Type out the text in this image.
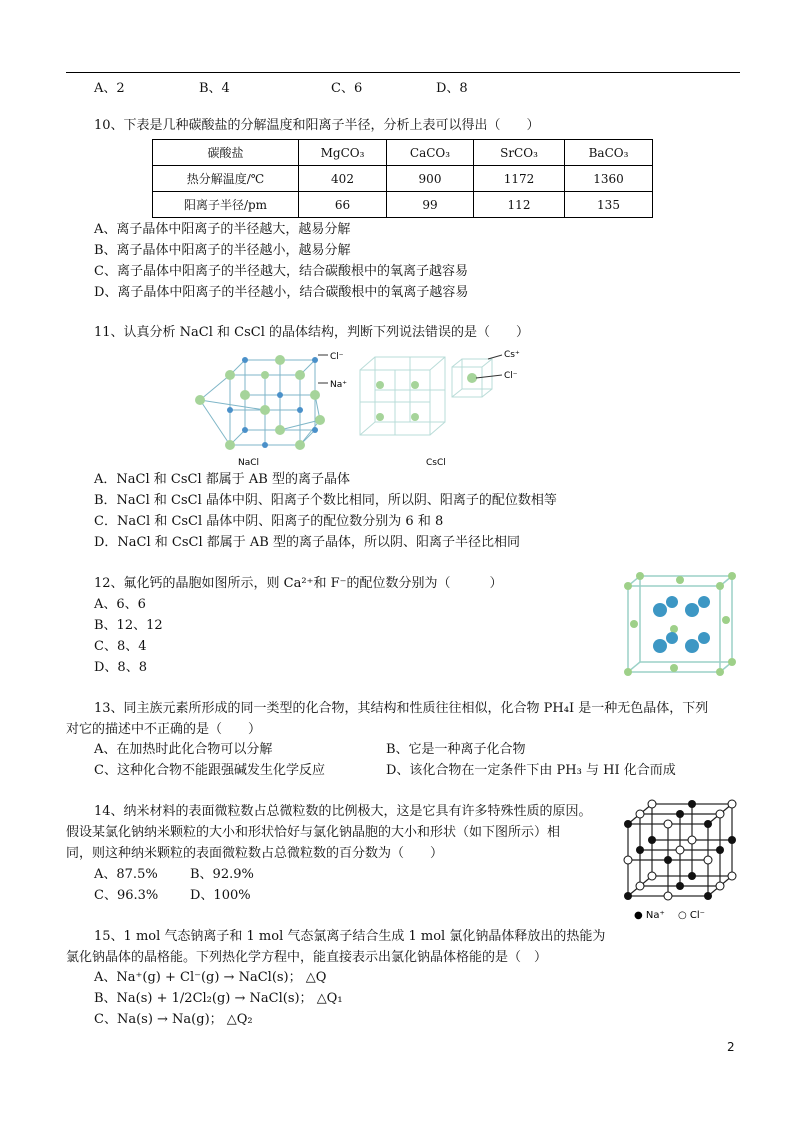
A、2	B、4	C、6	D、8
10、下表是几种碳酸盐的分解温度和阳离子半径，分析上表可以得出（　　）
碳酸盐	MgCO₃	CaCO₃	SrCO₃	BaCO₃
热分解温度/℃	402	900	1172	1360
阳离子半径/pm	66	99	112	135
A、离子晶体中阳离子的半径越大，越易分解
B、离子晶体中阳离子的半径越小，越易分解
C、离子晶体中阳离子的半径越大，结合碳酸根中的氧离子越容易
D、离子晶体中阳离子的半径越小，结合碳酸根中的氧离子越容易
11、认真分析 NaCl 和 CsCl 的晶体结构，判断下列说法错误的是（　　）
Cl⁻
Na⁺
NaCl
Cs⁺
Cl⁻
CsCl
A．NaCl 和 CsCl 都属于 AB 型的离子晶体
B．NaCl 和 CsCl 晶体中阴、阳离子个数比相同，所以阴、阳离子的配位数相等
C．NaCl 和 CsCl 晶体中阴、阳离子的配位数分别为 6 和 8
D．NaCl 和 CsCl 都属于 AB 型的离子晶体，所以阴、阳离子半径比相同
12、氟化钙的晶胞如图所示，则 Ca²⁺和 F⁻的配位数分别为（　　　）
A、6、6
B、12、12
C、8、4
D、8、8
13、同主族元素所形成的同一类型的化合物，其结构和性质往往相似，化合物 PH₄I 是一种无色晶体，下列
对它的描述中不正确的是（　　）
A、在加热时此化合物可以分解	B、它是一种离子化合物
C、这种化合物不能跟强碱发生化学反应	D、该化合物在一定条件下由 PH₃ 与 HI 化合而成
14、纳米材料的表面微粒数占总微粒数的比例极大，这是它具有许多特殊性质的原因。
假设某氯化钠纳米颗粒的大小和形状恰好与氯化钠晶胞的大小和形状（如下图所示）相
同，则这种纳米颗粒的表面微粒数占总微粒数的百分数为（　　）
A、87.5% B、92.9%
C、96.3% D、100%
● Na⁺ ○ Cl⁻
15、1 mol 气态钠离子和 1 mol 气态氯离子结合生成 1 mol 氯化钠晶体释放出的热能为
氯化钠晶体的晶格能。下列热化学方程中，能直接表示出氯化钠晶体格能的是（　）
A、Na⁺(g) + Cl⁻(g) → NaCl(s)； △Q
B、Na(s) + 1/2Cl₂(g) → NaCl(s)； △Q₁
C、Na(s) → Na(g)； △Q₂
2
